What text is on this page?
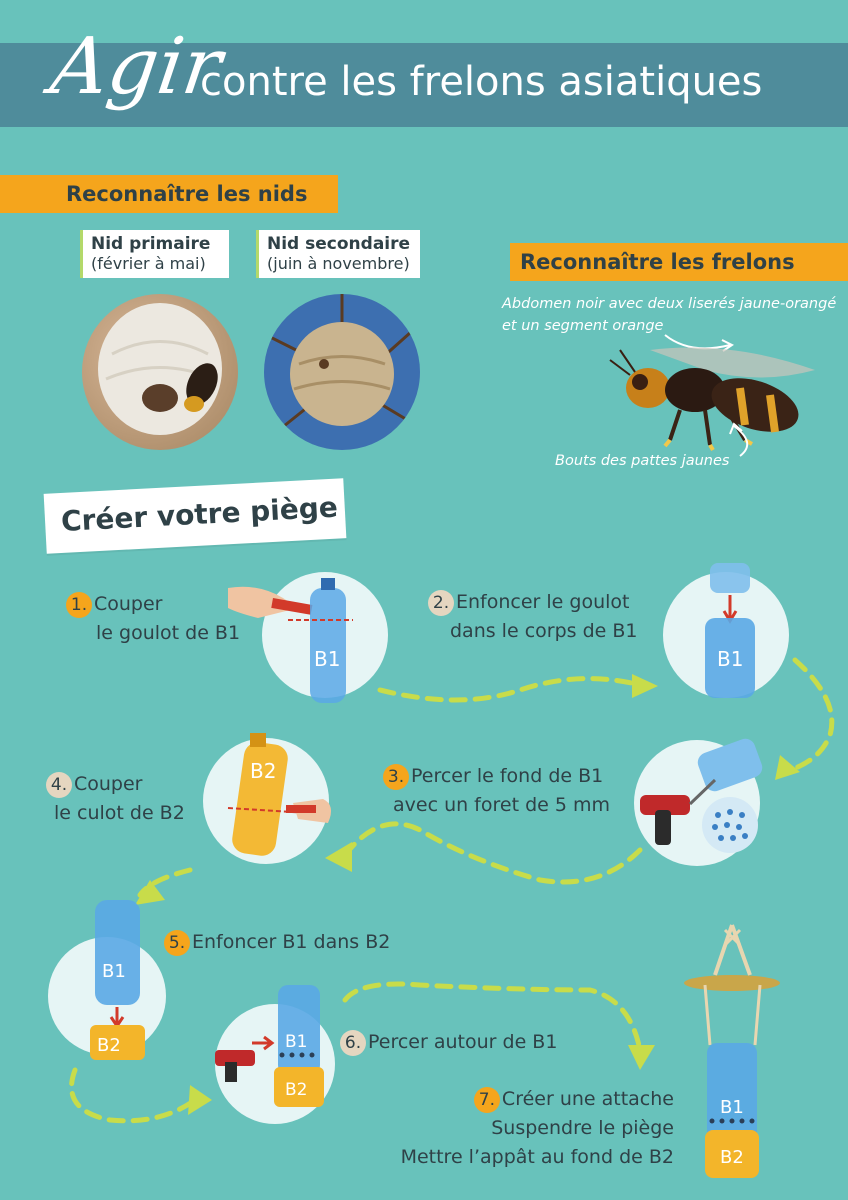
Agir
contre les frelons asiatiques
Reconnaître les nids
Nid primaire
(février à mai)
Nid secondaire
(juin à novembre)	Reconnaître les frelons
Abdomen noir avec deux liserés jaune-orangé
et un segment orange
Bouts des pattes jaunes
Créer votre piège
B1	B1
B2
B1
B2	B1
B2
B1
B2
1. Couper
le goulot de B1
2. Enfoncer le goulot
dans le corps de B1
3. Percer le fond de B1
avec un foret de 5 mm
4. Couper
le culot de B2
5. Enfoncer B1 dans B2
6. Percer autour de B1
7. Créer une attache
Suspendre le piège
Mettre l’appât au fond de B2
